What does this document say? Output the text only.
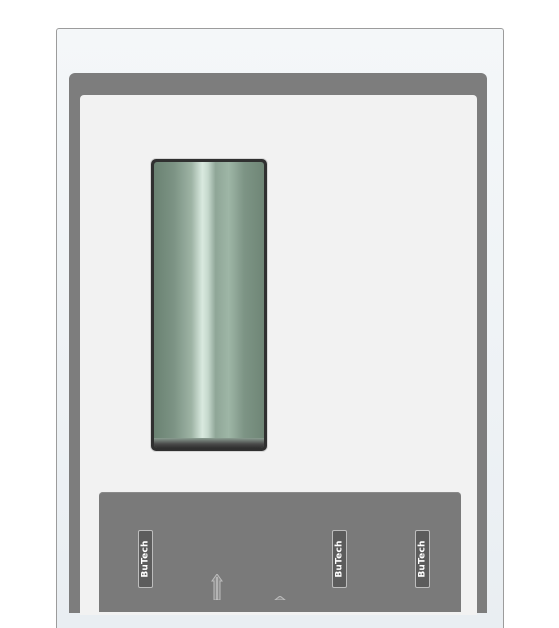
BuTech	BuTech	BuTech
